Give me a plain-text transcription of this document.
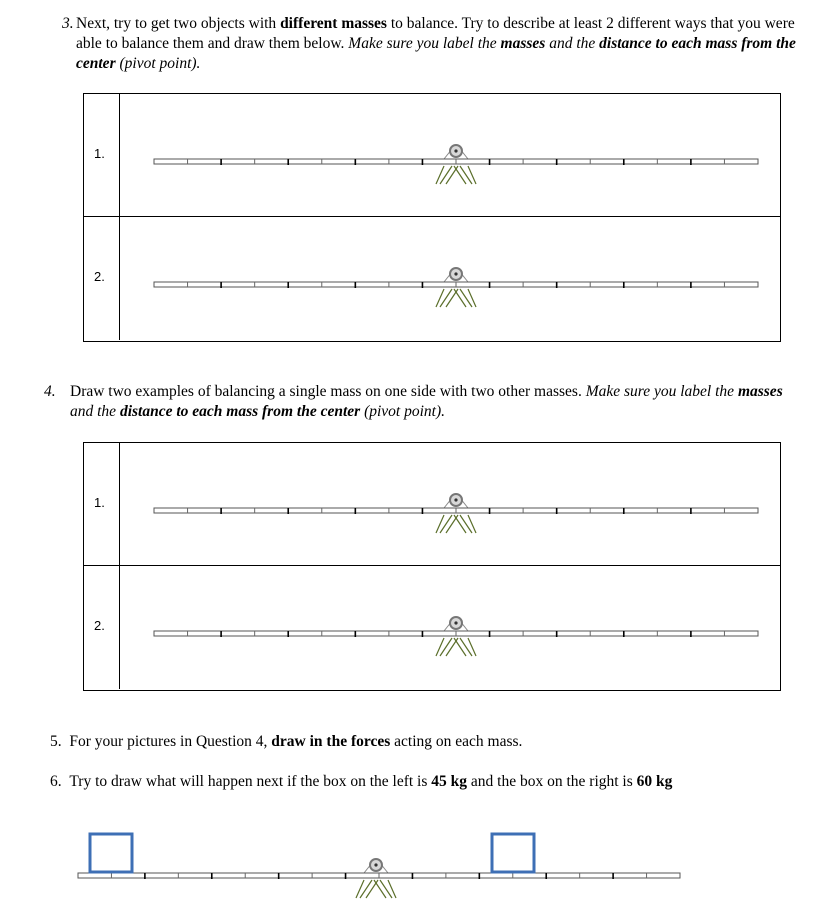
3. Next, try to get two objects with different masses to balance. Try to describe at least 2 different ways that you were able to balance them and draw them below. Make sure you label the masses and the distance to each mass from the center (pivot point).
1.
2.
4. Draw two examples of balancing a single mass on one side with two other masses. Make sure you label the masses and the distance to each mass from the center (pivot point).
1.
2.
5. For your pictures in Question 4, draw in the forces acting on each mass.
6. Try to draw what will happen next if the box on the left is 45 kg and the box on the right is 60 kg
